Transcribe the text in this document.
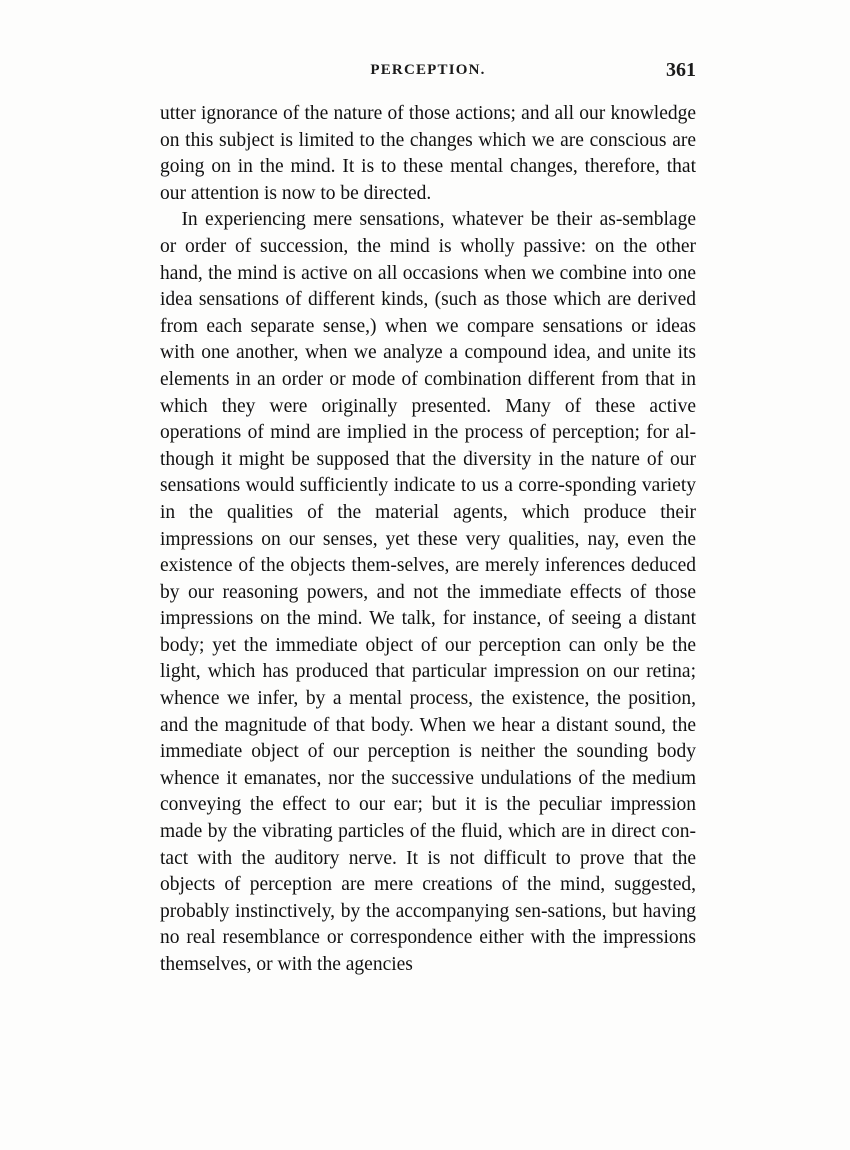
PERCEPTION.	361

utter ignorance of the nature of those actions; and all our knowledge on this subject is limited to the changes which we are conscious are going on in the mind. It is to these mental changes, therefore, that our attention is now to be directed.

In experiencing mere sensations, whatever be their as-semblage or order of succession, the mind is wholly passive: on the other hand, the mind is active on all occasions when we combine into one idea sensations of different kinds, (such as those which are derived from each separate sense,) when we compare sensations or ideas with one another, when we analyze a compound idea, and unite its elements in an order or mode of combination different from that in which they were originally presented. Many of these active operations of mind are implied in the process of perception; for al-though it might be supposed that the diversity in the nature of our sensations would sufficiently indicate to us a corre-sponding variety in the qualities of the material agents, which produce their impressions on our senses, yet these very qualities, nay, even the existence of the objects them-selves, are merely inferences deduced by our reasoning powers, and not the immediate effects of those impressions on the mind. We talk, for instance, of seeing a distant body; yet the immediate object of our perception can only be the light, which has produced that particular impression on our retina; whence we infer, by a mental process, the existence, the position, and the magnitude of that body. When we hear a distant sound, the immediate object of our perception is neither the sounding body whence it emanates, nor the successive undulations of the medium conveying the effect to our ear; but it is the peculiar impression made by the vibrating particles of the fluid, which are in direct con-tact with the auditory nerve. It is not difficult to prove that the objects of perception are mere creations of the mind, suggested, probably instinctively, by the accompanying sen-sations, but having no real resemblance or correspondence either with the impressions themselves, or with the agencies
